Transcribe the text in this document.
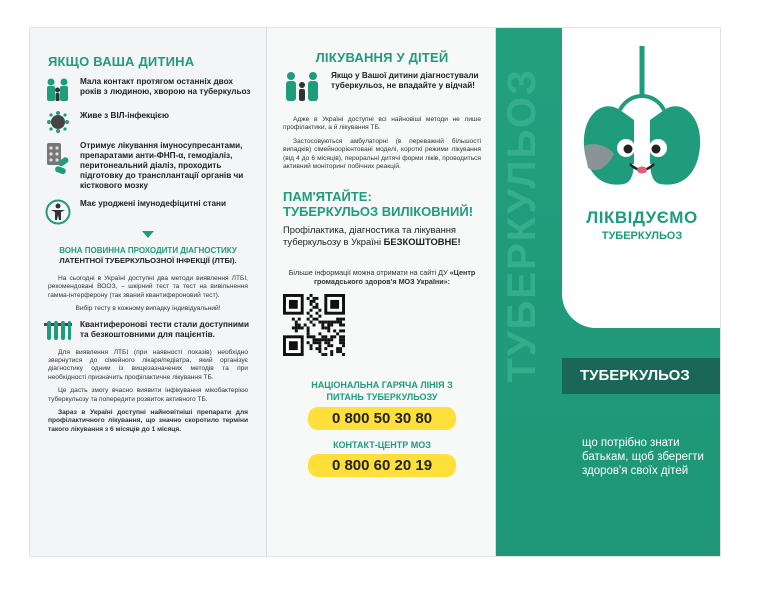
ЯКЩО ВАША ДИТИНА
Мала контакт протягом останніх двох років з людиною, хворою на туберкульоз
Живе з ВІЛ-інфекцією
Отримує лікування імуносупресантами, препаратами анти-ФНП-α, гемодіаліз, перитонеальний діаліз, проходить підготовку до трансплантації органів чи кісткового мозку
Має уроджені імунодефіцитні стани
ВОНА ПОВИННА ПРОХОДИТИ ДІАГНОСТИКУ
ЛАТЕНТНОЇ ТУБЕРКУЛЬОЗНОЇ ІНФЕКЦІЇ (ЛТБІ).

На сьогодні в Україні доступні два методи виявлення ЛТБІ, рекомендовані ВООЗ, – шкірний тест та тест на вивільнення гамма-інтерферону (так званий квантифероновий тест).

Вибір тесту в кожному випадку індивідуальний!

Квантиферонові тести стали доступними та безкоштовними для пацієнтів.

Для виявлення ЛТБІ (при наявності показів) необхідно звернутися до сімейного лікаря/педіатра, який організує діагностику одним із вищезазначених методів та при необхідності призначить профілактичне лікування ТБ.

Це дасть змогу вчасно виявити інфікування мікобактерією туберкульозу та попередити розвиток активного ТБ.

Зараз в Україні доступні найновітніші препарати для профілактичного лікування, що значно скоротило терміни такого лікування з 6 місяців до 1 місяця.

ЛІКУВАННЯ У ДІТЕЙ
Якщо у Вашої дитини діагностували туберкульоз, не впадайте у відчай!

Адже в Україні доступні всі найновіші методи не лише профілактики, а й лікування ТБ.

Застосовуються амбулаторні (в переважній більшості випадків) сімейноорієнтовані моделі, короткі режими лікування (від 4 до 6 місяців), пероральні дитячі форми ліків, проводиться активний моніторинг побічних реакцій.

ПАМ'ЯТАЙТЕ:
ТУБЕРКУЛЬОЗ ВИЛІКОВНИЙ!

Профілактика, діагностика та лікування туберкульозу в Україні БЕЗКОШТОВНЕ!

Більше інформації можна отримати на сайті ДУ «Центр громадського здоров'я МОЗ України»:

НАЦІОНАЛЬНА ГАРЯЧА ЛІНІЯ З ПИТАНЬ ТУБЕРКУЛЬОЗУ
0 800 50 30 80
КОНТАКТ-ЦЕНТР МОЗ
0 800 60 20 19
ТУБЕРКУЛЬОЗ	ЛІКВІДУЄМО
ТУБЕРКУЛЬОЗ
ТУБЕРКУЛЬОЗ
що потрібно знати батькам, щоб зберегти здоров'я своїх дітей
